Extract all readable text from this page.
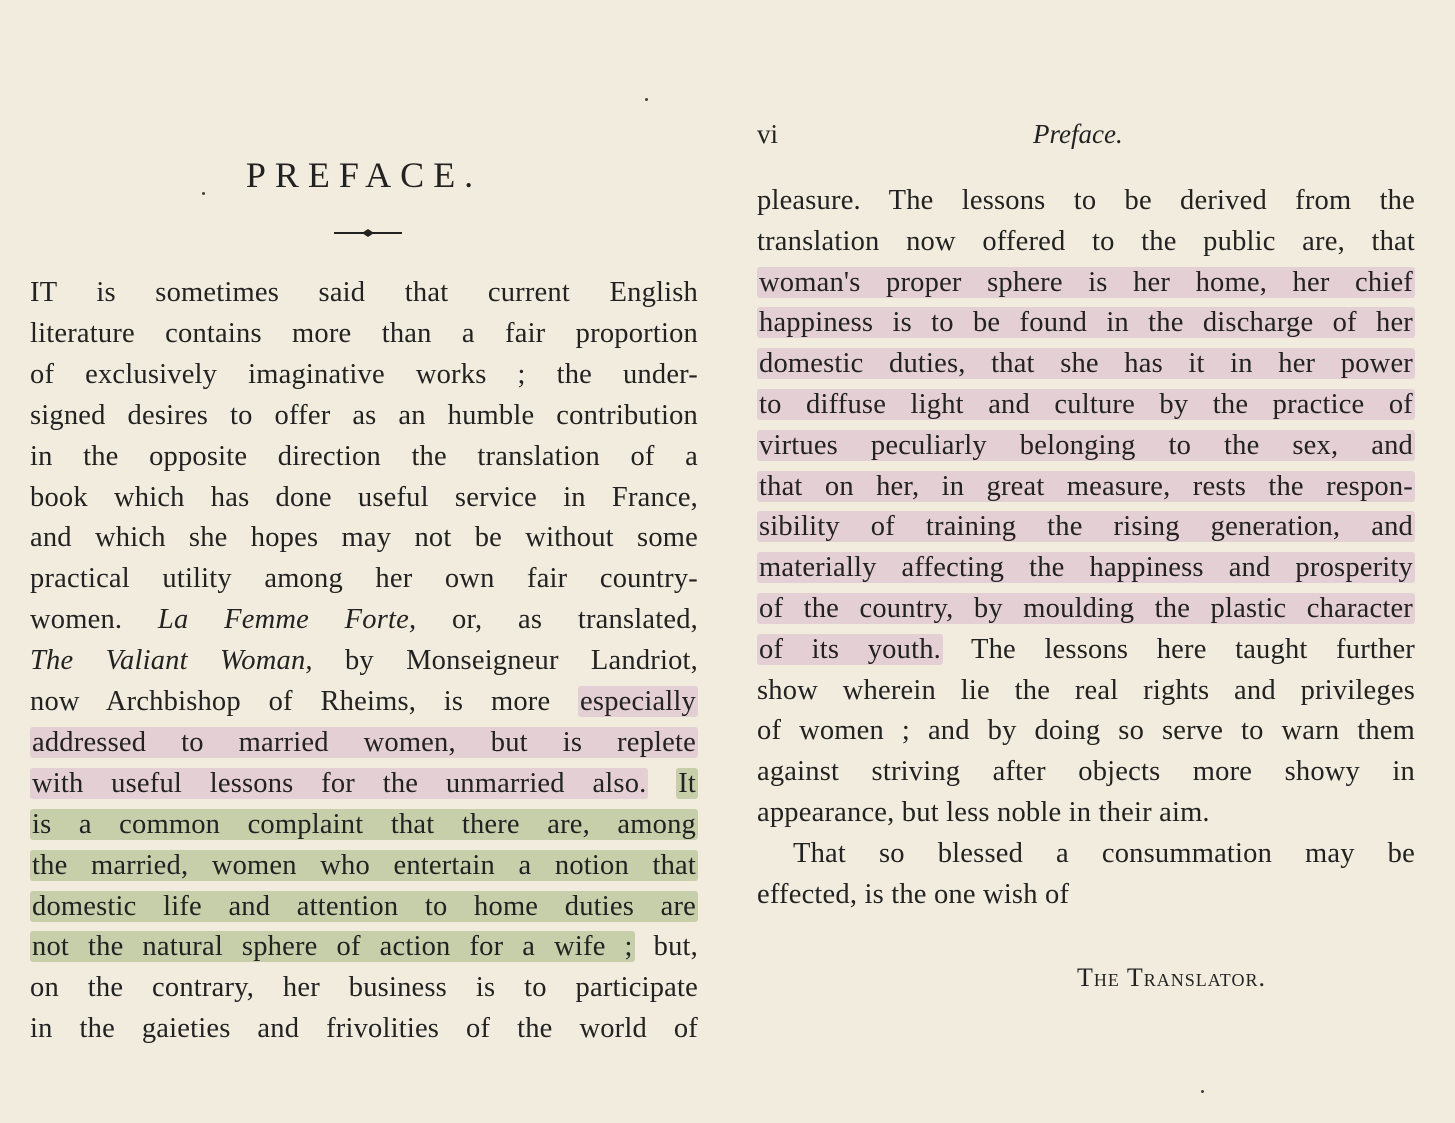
PREFACE.
IT is sometimes said that current English
literature contains more than a fair proportion
of exclusively imaginative works ; the under-
signed desires to offer as an humble contribution
in the opposite direction the translation of a
book which has done useful service in France,
and which she hopes may not be without some
practical utility among her own fair country-
women. La Femme Forte, or, as translated,
The Valiant Woman, by Monseigneur Landriot,
now Archbishop of Rheims, is more especially
addressed to married women, but is replete
with useful lessons for the unmarried also. It
is a common complaint that there are, among
the married, women who entertain a notion that
domestic life and attention to home duties are
not the natural sphere of action for a wife ; but,
on the contrary, her business is to participate
in the gaieties and frivolities of the world of
vi	Preface.
pleasure. The lessons to be derived from the
translation now offered to the public are, that
woman's proper sphere is her home, her chief
happiness is to be found in the discharge of her
domestic duties, that she has it in her power
to diffuse light and culture by the practice of
virtues peculiarly belonging to the sex, and
that on her, in great measure, rests the respon-
sibility of training the rising generation, and
materially affecting the happiness and prosperity
of the country, by moulding the plastic character
of its youth. The lessons here taught further
show wherein lie the real rights and privileges
of women ; and by doing so serve to warn them
against striving after objects more showy in
appearance, but less noble in their aim.
That so blessed a consummation may be
effected, is the one wish of
The Translator.
